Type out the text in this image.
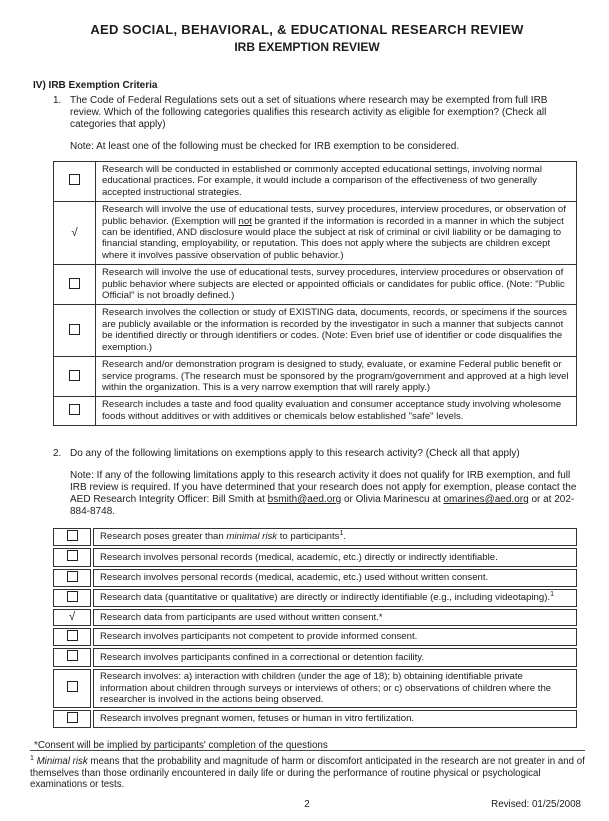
AED SOCIAL, BEHAVIORAL, & EDUCATIONAL RESEARCH REVIEW
IRB EXEMPTION REVIEW
IV) IRB Exemption Criteria
1. The Code of Federal Regulations sets out a set of situations where research may be exempted from full IRB review. Which of the following categories qualifies this research activity as eligible for exemption? (Check all categories that apply)
Note: At least one of the following must be checked for IRB exemption to be considered.
	Research will be conducted in established or commonly accepted educational settings, involving normal educational practices. For example, it would include a comparison of the effectiveness of two generally accepted instructional strategies.
√	Research will involve the use of educational tests, survey procedures, interview procedures, or observation of public behavior. (Exemption will not be granted if the information is recorded in a manner in which the subject can be identified, AND disclosure would place the subject at risk of criminal or civil liability or be damaging to financial standing, employability, or reputation. This does not apply where the subjects are children except where it involves passive observation of public behavior.)
	Research will involve the use of educational tests, survey procedures, interview procedures or observation of public behavior where subjects are elected or appointed officials or candidates for public office. (Note: "Public Official" is not broadly defined.)
	Research involves the collection or study of EXISTING data, documents, records, or specimens if the sources are publicly available or the information is recorded by the investigator in such a manner that subjects cannot be identified directly or through identifiers or codes. (Note: Even brief use of identifier or code disqualifies the exemption.)
	Research and/or demonstration program is designed to study, evaluate, or examine Federal public benefit or service programs. (The research must be sponsored by the program/government and approved at a high level within the organization. This is a very narrow exemption that will rarely apply.)
	Research includes a taste and food quality evaluation and consumer acceptance study involving wholesome foods without additives or with additives or chemicals below established "safe" levels.
2. Do any of the following limitations on exemptions apply to this research activity? (Check all that apply)
Note: If any of the following limitations apply to this research activity it does not qualify for IRB exemption, and full IRB review is required. If you have determined that your research does not apply for exemption, please contact the AED Research Integrity Officer: Bill Smith at bsmith@aed.org or Olivia Marinescu at omarines@aed.org or at 202-884-8748.
	Research poses greater than minimal risk to participants$^1$.
	Research involves personal records (medical, academic, etc.) directly or indirectly identifiable.
	Research involves personal records (medical, academic, etc.) used without written consent.
	Research data (quantitative or qualitative) are directly or indirectly identifiable (e.g., including videotaping).$^1$
√	Research data from participants are used without written consent.*
	Research involves participants not competent to provide informed consent.
	Research involves participants confined in a correctional or detention facility.
	Research involves: a) interaction with children (under the age of 18); b) obtaining identifiable private information about children through surveys or interviews of others; or c) observations of children where the researcher is involved in the actions being observed.
	Research involves pregnant women, fetuses or human in vitro fertilization.
*Consent will be implied by participants' completion of the questions
$^1$ Minimal risk means that the probability and magnitude of harm or discomfort anticipated in the research are not greater in and of themselves than those ordinarily encountered in daily life or during the performance of routine physical or psychological examinations or tests.
2	Revised: 01/25/2008
